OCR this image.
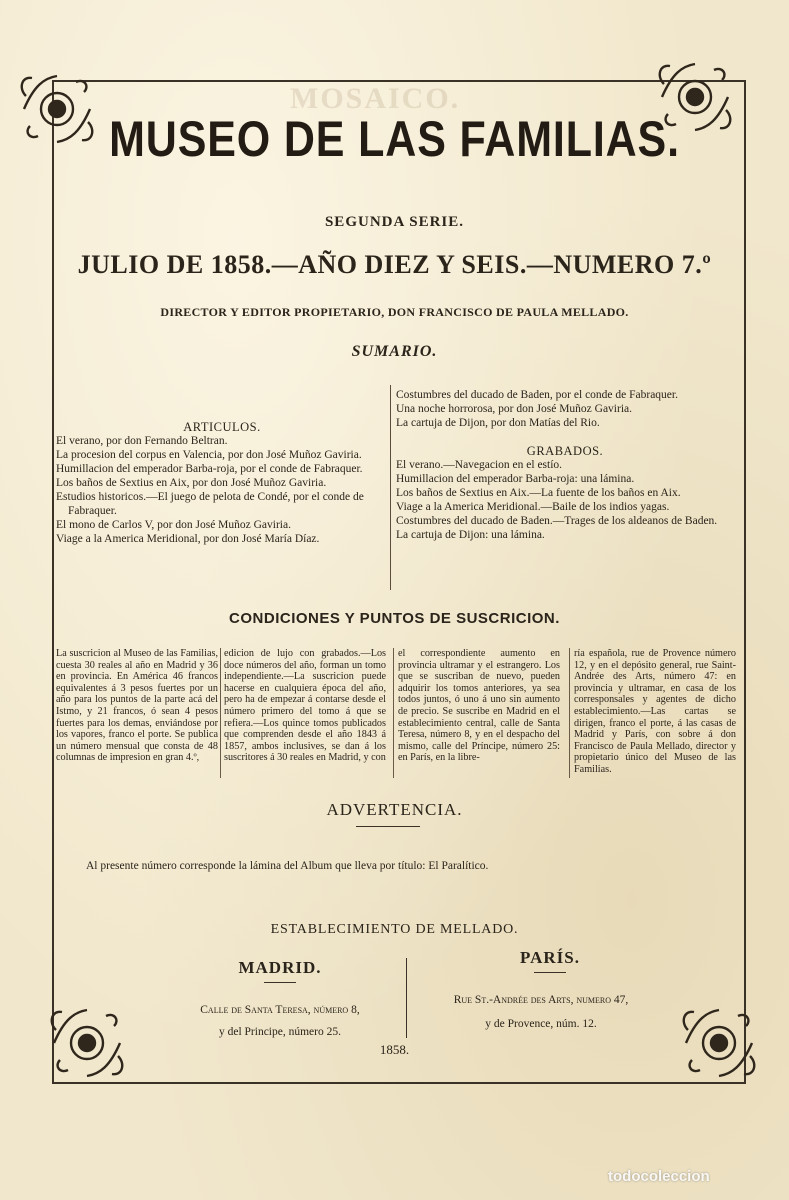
MOSAICO.
MUSEO DE LAS FAMILIAS.
SEGUNDA SERIE.
JULIO DE 1858.—AÑO DIEZ Y SEIS.—NUMERO 7.º
DIRECTOR Y EDITOR PROPIETARIO, DON FRANCISCO DE PAULA MELLADO.
SUMARIO.

ARTICULOS.

El verano, por don Fernando Beltran.

La procesion del corpus en Valencia, por don José Muñoz Gaviria.

Humillacion del emperador Barba-roja, por el conde de Fabraquer.

Los baños de Sextius en Aix, por don José Muñoz Gaviria.

Estudios historicos.—El juego de pelota de Condé, por el conde de Fabraquer.

El mono de Carlos V, por don José Muñoz Gaviria.

Viage a la America Meridional, por don José María Díaz.

Costumbres del ducado de Baden, por el conde de Fabraquer.

Una noche horrorosa, por don José Muñoz Gaviria.

La cartuja de Dijon, por don Matías del Rio.

GRABADOS.

El verano.—Navegacion en el estío.

Humillacion del emperador Barba-roja: una lámina.

Los baños de Sextius en Aix.—La fuente de los baños en Aix.

Viage a la America Meridional.—Baile de los indios yagas.

Costumbres del ducado de Baden.—Trages de los aldeanos de Baden.

La cartuja de Dijon: una lámina.

CONDICIONES Y PUNTOS DE SUSCRICION.
La suscricion al Museo de las Familias, cuesta 30 reales al año en Madrid y 36 en provincia. En América 46 francos equivalentes á 3 pesos fuertes por un año para los puntos de la parte acá del Istmo, y 21 francos, ó sean 4 pesos fuertes para los demas, enviándose por los vapores, franco el porte. Se publica un número mensual que consta de 48 columnas de impresion en gran 4.º,
edicion de lujo con grabados.—Los doce números del año, forman un tomo independiente.—La suscricion puede hacerse en cualquiera época del año, pero ha de empezar á contarse desde el número primero del tomo á que se refiera.—Los quince tomos publicados que comprenden desde el año 1843 á 1857, ambos inclusives, se dan á los suscritores á 30 reales en Madrid, y con
el correspondiente aumento en provincia ultramar y el estrangero. Los que se suscriban de nuevo, pueden adquirir los tomos anteriores, ya sea todos juntos, ó uno á uno sin aumento de precio. Se suscribe en Madrid en el establecimiento central, calle de Santa Teresa, número 8, y en el despacho del mismo, calle del Príncipe, número 25: en París, en la libre-
ría española, rue de Provence número 12, y en el depósito general, rue Saint-Andrée des Arts, número 47: en provincia y ultramar, en casa de los corresponsales y agentes de dicho establecimiento.—Las cartas se dirigen, franco el porte, á las casas de Madrid y París, con sobre á don Francisco de Paula Mellado, director y propietario único del Museo de las Familias.
ADVERTENCIA.
Al presente número corresponde la lámina del Album que lleva por título: El Paralítico.
ESTABLECIMIENTO DE MELLADO.
MADRID.
Calle de Santa Teresa, número 8,
y del Principe, número 25.
PARÍS.
Rue St.-Andrée des Arts, numero 47,
y de Provence, núm. 12.
1858.
todocoleccion
